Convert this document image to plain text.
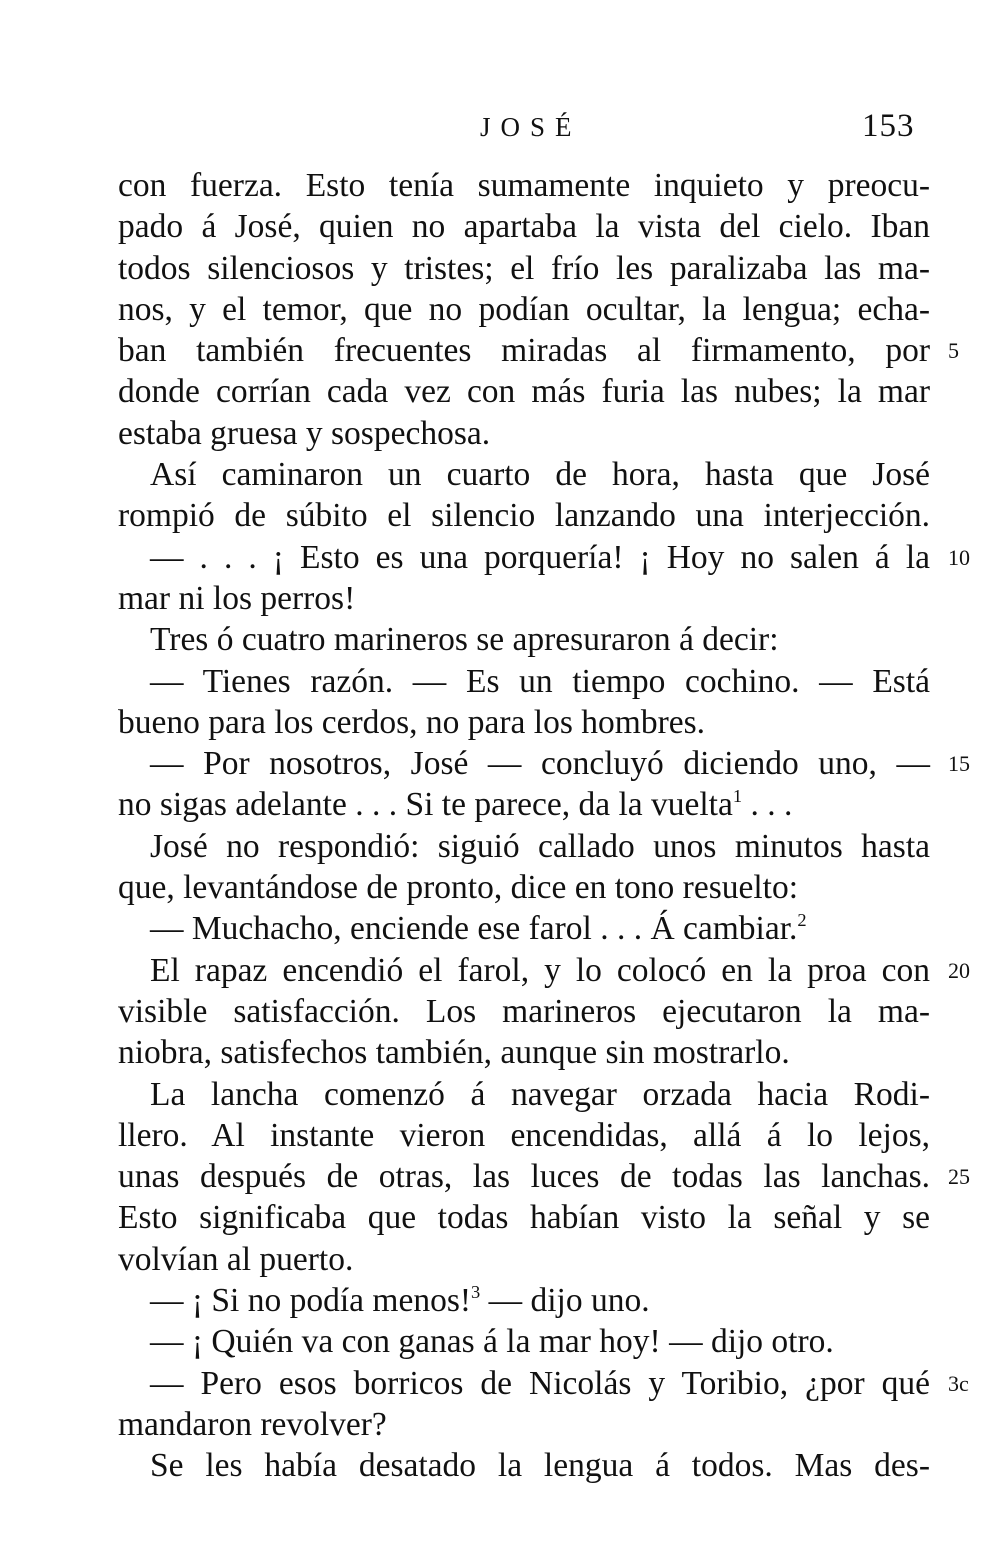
JOSÉ	153
con fuerza. Esto tenía sumamente inquieto y preocu-
pado á José, quien no apartaba la vista del cielo. Iban
todos silenciosos y tristes; el frío les paralizaba las ma-
nos, y el temor, que no podían ocultar, la lengua; echa-
ban también frecuentes miradas al firmamento, por 5
donde corrían cada vez con más furia las nubes; la mar
estaba gruesa y sospechosa.
Así caminaron un cuarto de hora, hasta que José
rompió de súbito el silencio lanzando una interjección.
— . . . ¡ Esto es una porquería! ¡ Hoy no salen á la 10
mar ni los perros!
Tres ó cuatro marineros se apresuraron á decir:
— Tienes razón. — Es un tiempo cochino. — Está
bueno para los cerdos, no para los hombres.
— Por nosotros, José — concluyó diciendo uno, — 15
no sigas adelante . . . Si te parece, da la vuelta$^1$ . . .
José no respondió: siguió callado unos minutos hasta
que, levantándose de pronto, dice en tono resuelto:
— Muchacho, enciende ese farol . . . Á cambiar.$^2$
El rapaz encendió el farol, y lo colocó en la proa con 20
visible satisfacción. Los marineros ejecutaron la ma-
niobra, satisfechos también, aunque sin mostrarlo.
La lancha comenzó á navegar orzada hacia Rodi-
llero. Al instante vieron encendidas, allá á lo lejos,
unas después de otras, las luces de todas las lanchas. 25
Esto significaba que todas habían visto la señal y se
volvían al puerto.
— ¡ Si no podía menos!$^3$ — dijo uno.
— ¡ Quién va con ganas á la mar hoy! — dijo otro.
— Pero esos borricos de Nicolás y Toribio, ¿por qué 3c
mandaron revolver?
Se les había desatado la lengua á todos. Mas des-
